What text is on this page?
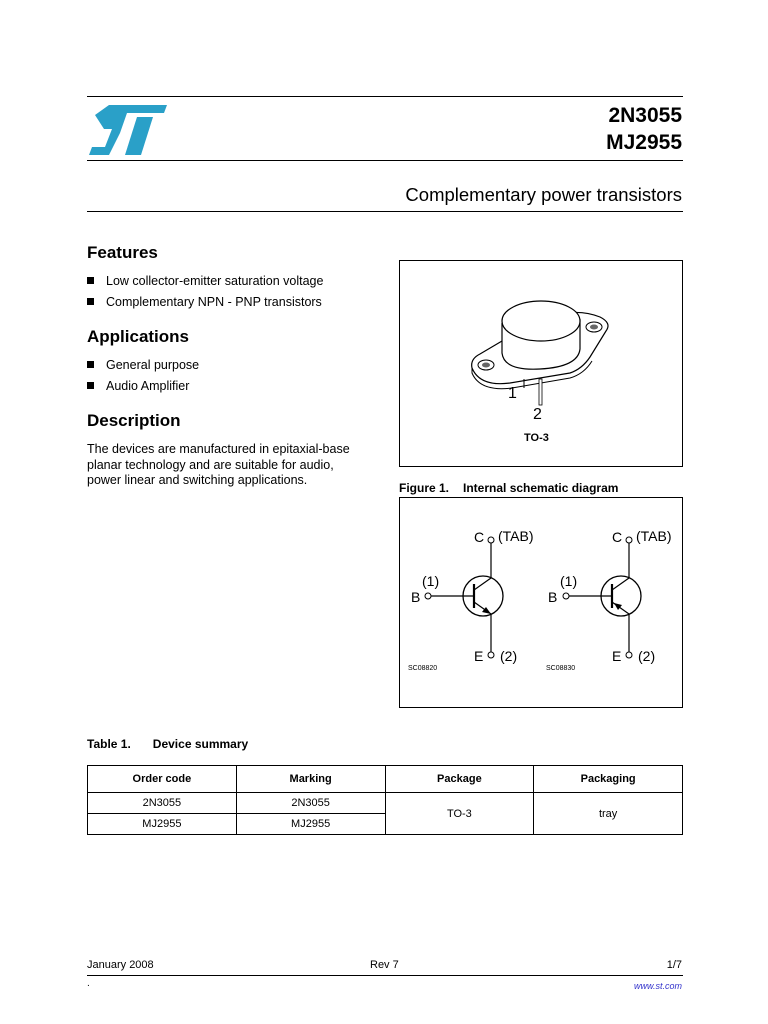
2N3055
MJ2955
Complementary power transistors
Features
Low collector-emitter saturation voltage
Complementary NPN - PNP transistors
Applications
General purpose
Audio Amplifier
Description
The devices are manufactured in epitaxial-base
planar technology and are suitable for audio,
power linear and switching applications.
1
2
TO-3
Figure 1. Internal schematic diagram
C (TAB)
(1)
B
E (2)
SC08820
C (TAB)
(1)
B
E (2)
SC08830
Table 1. Device summary
Order code	Marking	Package	Packaging
2N3055	2N3055	TO-3	tray
MJ2955	MJ2955		
January 2008	Rev 7	1/7
.	www.st.com
